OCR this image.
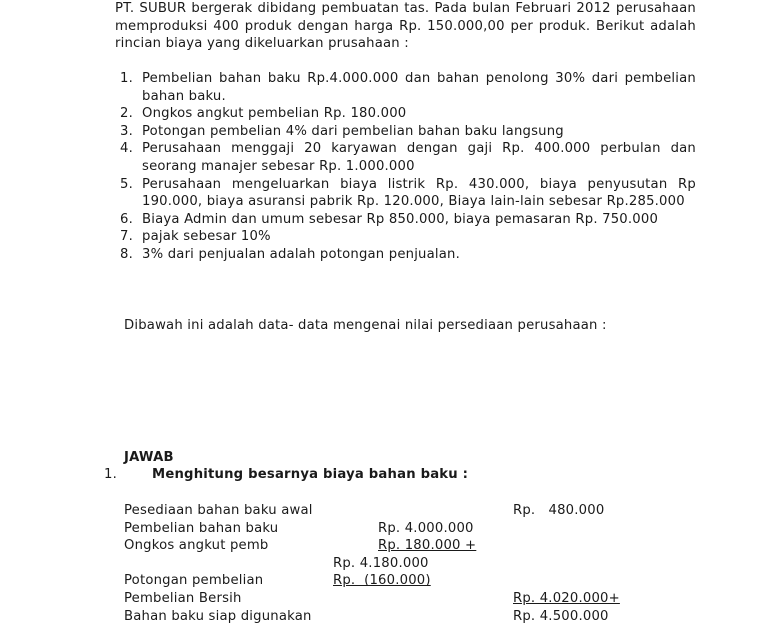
PT. SUBUR bergerak dibidang pembuatan tas. Pada bulan Februari 2012 perusahaan memproduksi 400 produk dengan harga Rp. 150.000,00 per produk. Berikut adalah rincian biaya yang dikeluarkan prusahaan :

1. Pembelian bahan baku Rp.4.000.000 dan bahan penolong 30% dari pembelian bahan baku.
2. Ongkos angkut pembelian Rp. 180.000
3. Potongan pembelian 4% dari pembelian bahan baku langsung
4. Perusahaan menggaji 20 karyawan dengan gaji Rp. 400.000 perbulan dan seorang manajer sebesar Rp. 1.000.000
5. Perusahaan mengeluarkan biaya listrik Rp. 430.000, biaya penyusutan Rp 190.000, biaya asuransi pabrik Rp. 120.000, Biaya lain-lain sebesar Rp.285.000
6. Biaya Admin dan umum sebesar Rp 850.000, biaya pemasaran Rp. 750.000
7. pajak sebesar 10%
8. 3% dari penjualan adalah potongan penjualan.

Dibawah ini adalah data- data mengenai nilai persediaan perusahaan :

JAWAB

1.	Menghitung besarnya biaya bahan baku :

Pesediaan bahan baku awal	Rp.   480.000
Pembelian bahan baku	Rp. 4.000.000
Ongkos angkut pemb	Rp. 180.000 +
Rp. 4.180.000
Potongan pembelian	Rp.  (160.000)
Pembelian Bersih	Rp. 4.020.000+
Bahan baku siap digunakan	Rp. 4.500.000
